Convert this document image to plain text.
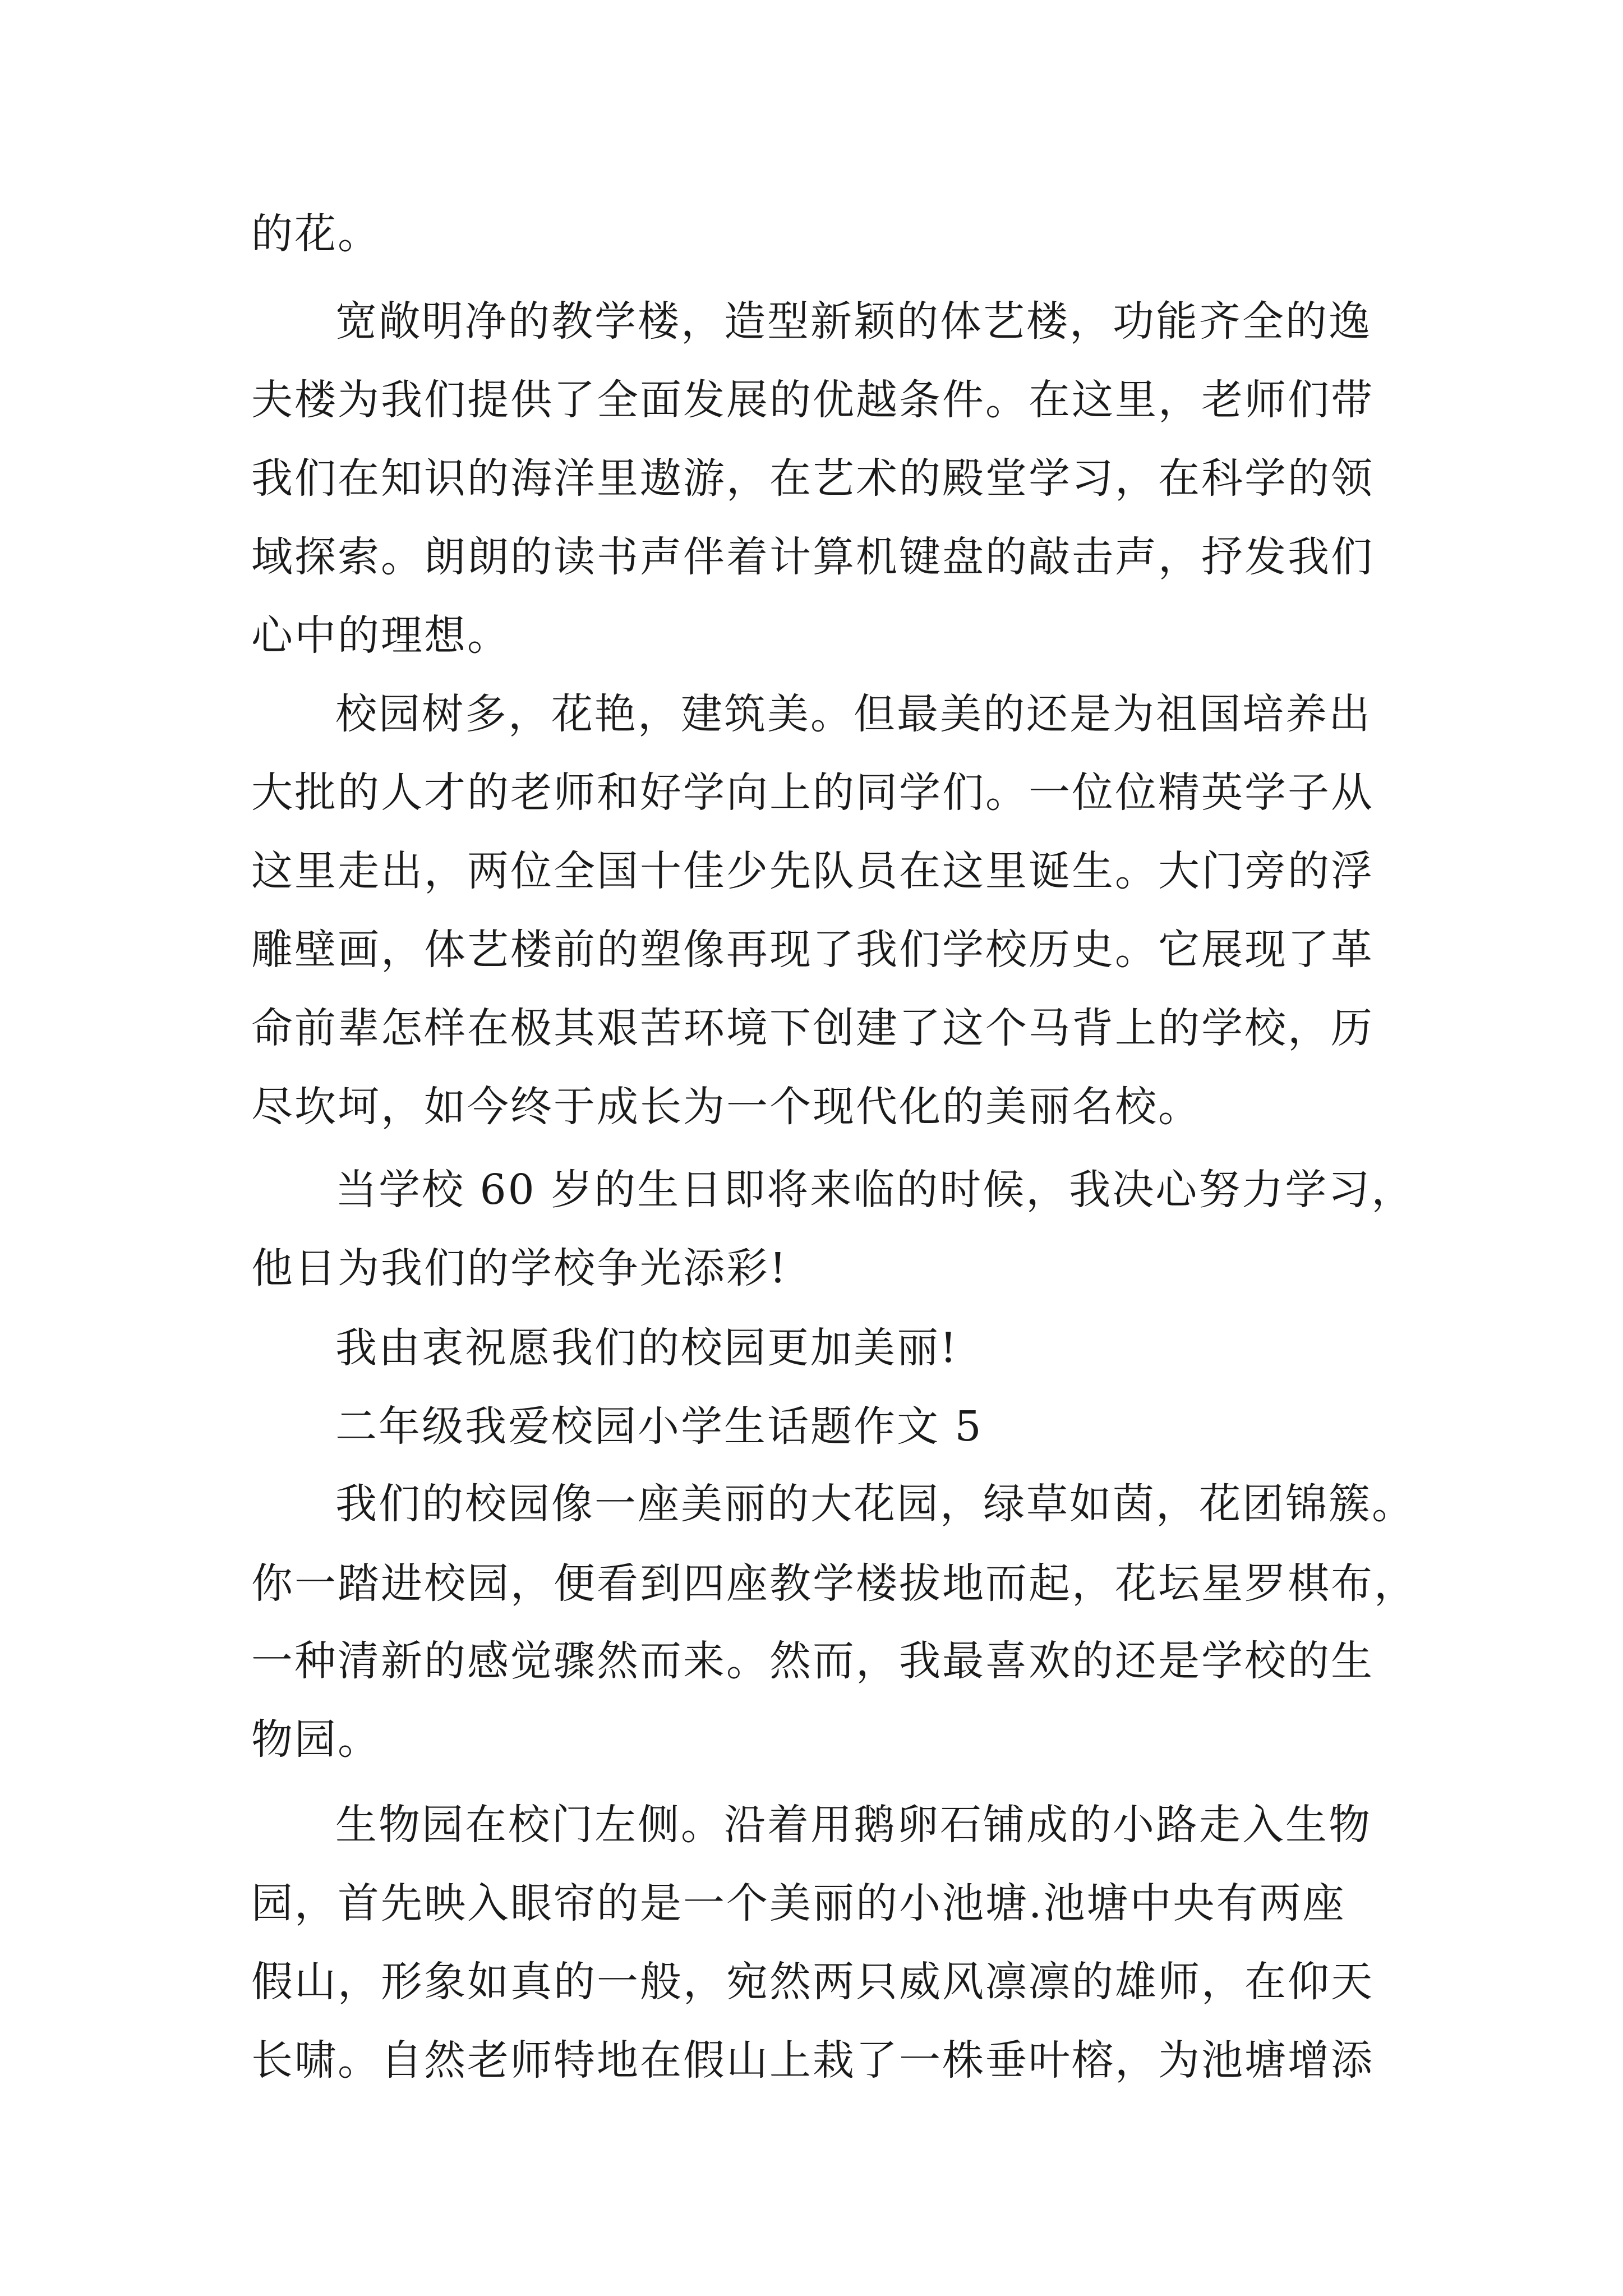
的花。
宽敞明净的教学楼，造型新颖的体艺楼，功能齐全的逸
夫楼为我们提供了全面发展的优越条件。在这里，老师们带
我们在知识的海洋里遨游，在艺术的殿堂学习，在科学的领
域探索。朗朗的读书声伴着计算机键盘的敲击声，抒发我们
心中的理想。
校园树多，花艳，建筑美。但最美的还是为祖国培养出
大批的人才的老师和好学向上的同学们。一位位精英学子从
这里走出，两位全国十佳少先队员在这里诞生。大门旁的浮
雕壁画，体艺楼前的塑像再现了我们学校历史。它展现了革
命前辈怎样在极其艰苦环境下创建了这个马背上的学校，历
尽坎坷，如今终于成长为一个现代化的美丽名校。
当学校 60 岁的生日即将来临的时候，我决心努力学习，
他日为我们的学校争光添彩!
我由衷祝愿我们的校园更加美丽!
二年级我爱校园小学生话题作文 5
我们的校园像一座美丽的大花园，绿草如茵，花团锦簇。
你一踏进校园，便看到四座教学楼拔地而起，花坛星罗棋布，
一种清新的感觉骤然而来。然而，我最喜欢的还是学校的生
物园。
生物园在校门左侧。沿着用鹅卵石铺成的小路走入生物
园，首先映入眼帘的是一个美丽的小池塘.池塘中央有两座
假山，形象如真的一般，宛然两只威风凛凛的雄师，在仰天
长啸。自然老师特地在假山上栽了一株垂叶榕，为池塘增添
